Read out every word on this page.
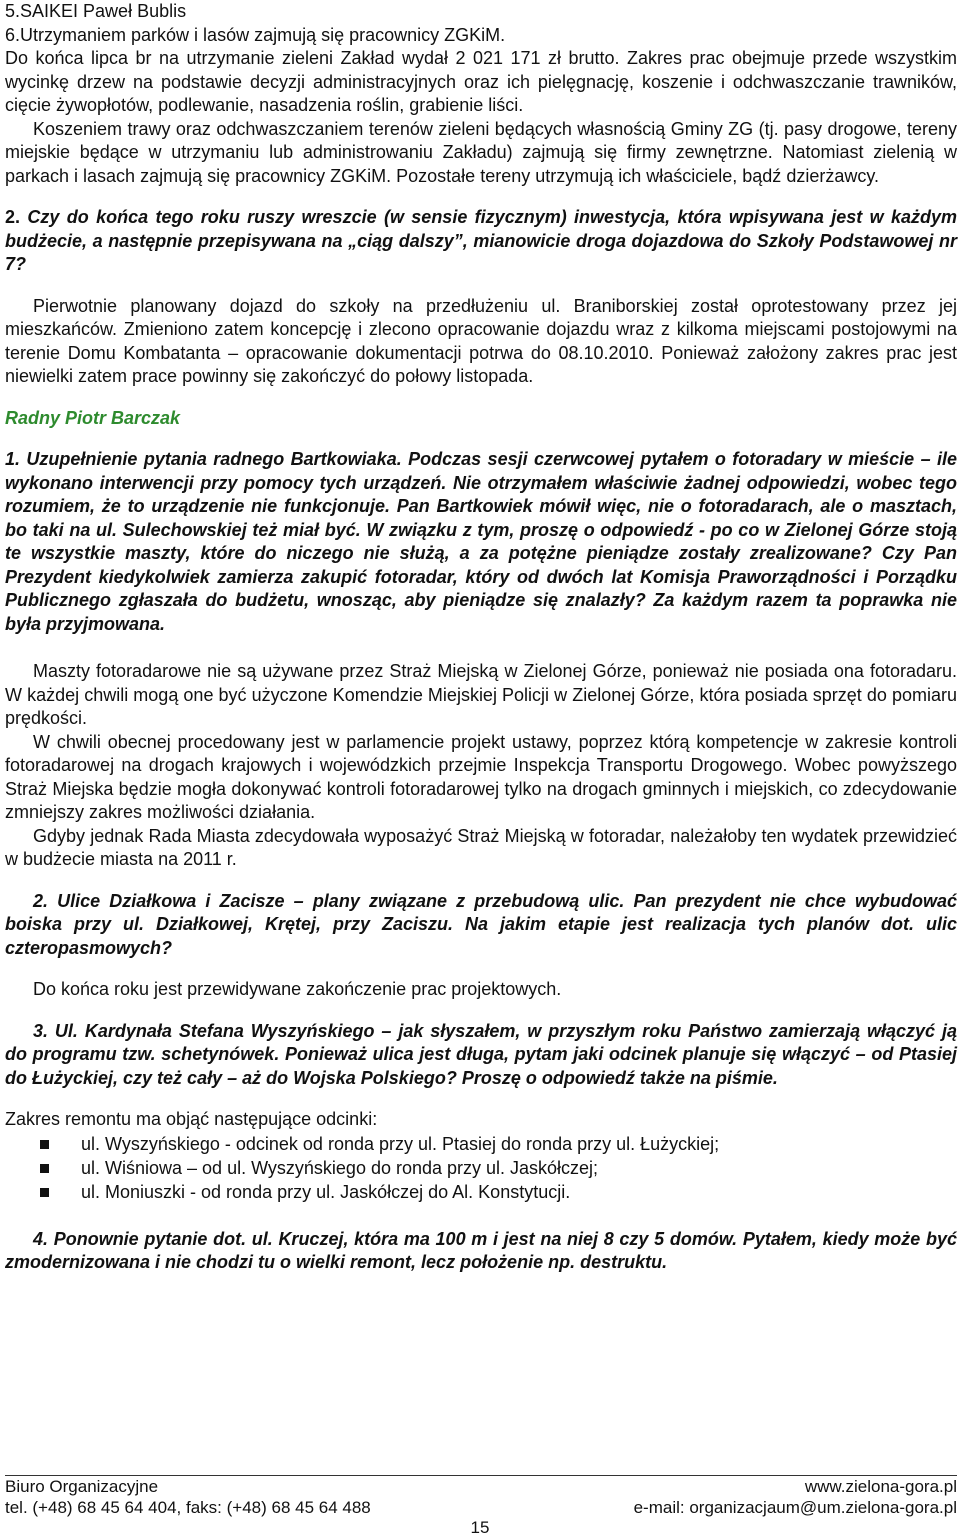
5.SAIKEI Paweł Bublis

6.Utrzymaniem parków i lasów zajmują się pracownicy ZGKiM.

Do końca lipca br na utrzymanie zieleni Zakład wydał 2 021 171 zł brutto. Zakres prac obejmuje przede wszystkim wycinkę drzew na podstawie decyzji administracyjnych oraz ich pielęgnację, koszenie i odchwaszczanie trawników, cięcie żywopłotów, podlewanie, nasadzenia roślin, grabienie liści.

Koszeniem trawy oraz odchwaszczaniem terenów zieleni będących własnością Gminy ZG (tj. pasy drogowe, tereny miejskie będące w utrzymaniu lub administrowaniu Zakładu) zajmują się firmy zewnętrzne. Natomiast zielenią w parkach i lasach zajmują się pracownicy ZGKiM. Pozostałe tereny utrzymują ich właściciele, bądź dzierżawcy.

2. Czy do końca tego roku ruszy wreszcie (w sensie fizycznym) inwestycja, która wpisywana jest w każdym budżecie, a następnie przepisywana na „ciąg dalszy”, mianowicie droga dojazdowa do Szkoły Podstawowej nr 7?

Pierwotnie planowany dojazd do szkoły na przedłużeniu ul. Braniborskiej został oprotestowany przez jej mieszkańców. Zmieniono zatem koncepcję i zlecono opracowanie dojazdu wraz z kilkoma miejscami postojowymi na terenie Domu Kombatanta – opracowanie dokumentacji potrwa do 08.10.2010. Ponieważ założony zakres prac jest niewielki zatem prace powinny się zakończyć do połowy listopada.

Radny Piotr Barczak

1. Uzupełnienie pytania radnego Bartkowiaka. Podczas sesji czerwcowej pytałem o fotoradary w mieście – ile wykonano interwencji przy pomocy tych urządzeń. Nie otrzymałem właściwie żadnej odpowiedzi, wobec tego rozumiem, że to urządzenie nie funkcjonuje. Pan Bartkowiek mówił więc, nie o fotoradarach, ale o masztach, bo taki na ul. Sulechowskiej też miał być. W związku z tym, proszę o odpowiedź - po co w Zielonej Górze stoją te wszystkie maszty, które do niczego nie służą, a za potężne pieniądze zostały zrealizowane? Czy Pan Prezydent kiedykolwiek zamierza zakupić fotoradar, który od dwóch lat Komisja Praworządności i Porządku Publicznego zgłaszała do budżetu, wnosząc, aby pieniądze się znalazły? Za każdym razem ta poprawka nie była przyjmowana.

Maszty fotoradarowe nie są używane przez Straż Miejską w Zielonej Górze, ponieważ nie posiada ona fotoradaru. W każdej chwili mogą one być użyczone Komendzie Miejskiej Policji w Zielonej Górze, która posiada sprzęt do pomiaru prędkości.

W chwili obecnej procedowany jest w parlamencie projekt ustawy, poprzez którą kompetencje w zakresie kontroli fotoradarowej na drogach krajowych i wojewódzkich przejmie Inspekcja Transportu Drogowego. Wobec powyższego Straż Miejska będzie mogła dokonywać kontroli fotoradarowej tylko na drogach gminnych i miejskich, co zdecydowanie zmniejszy zakres możliwości działania.

Gdyby jednak Rada Miasta zdecydowała wyposażyć Straż Miejską w fotoradar, należałoby ten wydatek przewidzieć w budżecie miasta na 2011 r.

2. Ulice Działkowa i Zacisze – plany związane z przebudową ulic. Pan prezydent nie chce wybudować boiska przy ul. Działkowej, Krętej, przy Zaciszu. Na jakim etapie jest realizacja tych planów dot. ulic czteropasmowych?

Do końca roku jest przewidywane zakończenie prac projektowych.

3. Ul. Kardynała Stefana Wyszyńskiego – jak słyszałem, w przyszłym roku Państwo zamierzają włączyć ją do programu tzw. schetynówek. Ponieważ ulica jest długa, pytam jaki odcinek planuje się włączyć – od Ptasiej do Łużyckiej, czy też cały – aż do Wojska Polskiego? Proszę o odpowiedź także na piśmie.

Zakres remontu ma objąć następujące odcinki:

ul. Wyszyńskiego - odcinek od ronda przy ul. Ptasiej do ronda przy ul. Łużyckiej;
ul. Wiśniowa – od ul. Wyszyńskiego do ronda przy ul. Jaskółczej;
ul. Moniuszki - od ronda przy ul. Jaskółczej do Al. Konstytucji.

4. Ponownie pytanie dot. ul. Kruczej, która ma 100 m i jest na niej 8 czy 5 domów. Pytałem, kiedy może być zmodernizowana i nie chodzi tu o wielki remont, lecz położenie np. destruktu.

Biuro Organizacyjne	www.zielona-gora.pl
tel. (+48) 68 45 64 404, faks: (+48) 68 45 64 488	e-mail: organizacjaum@um.zielona-gora.pl
15
